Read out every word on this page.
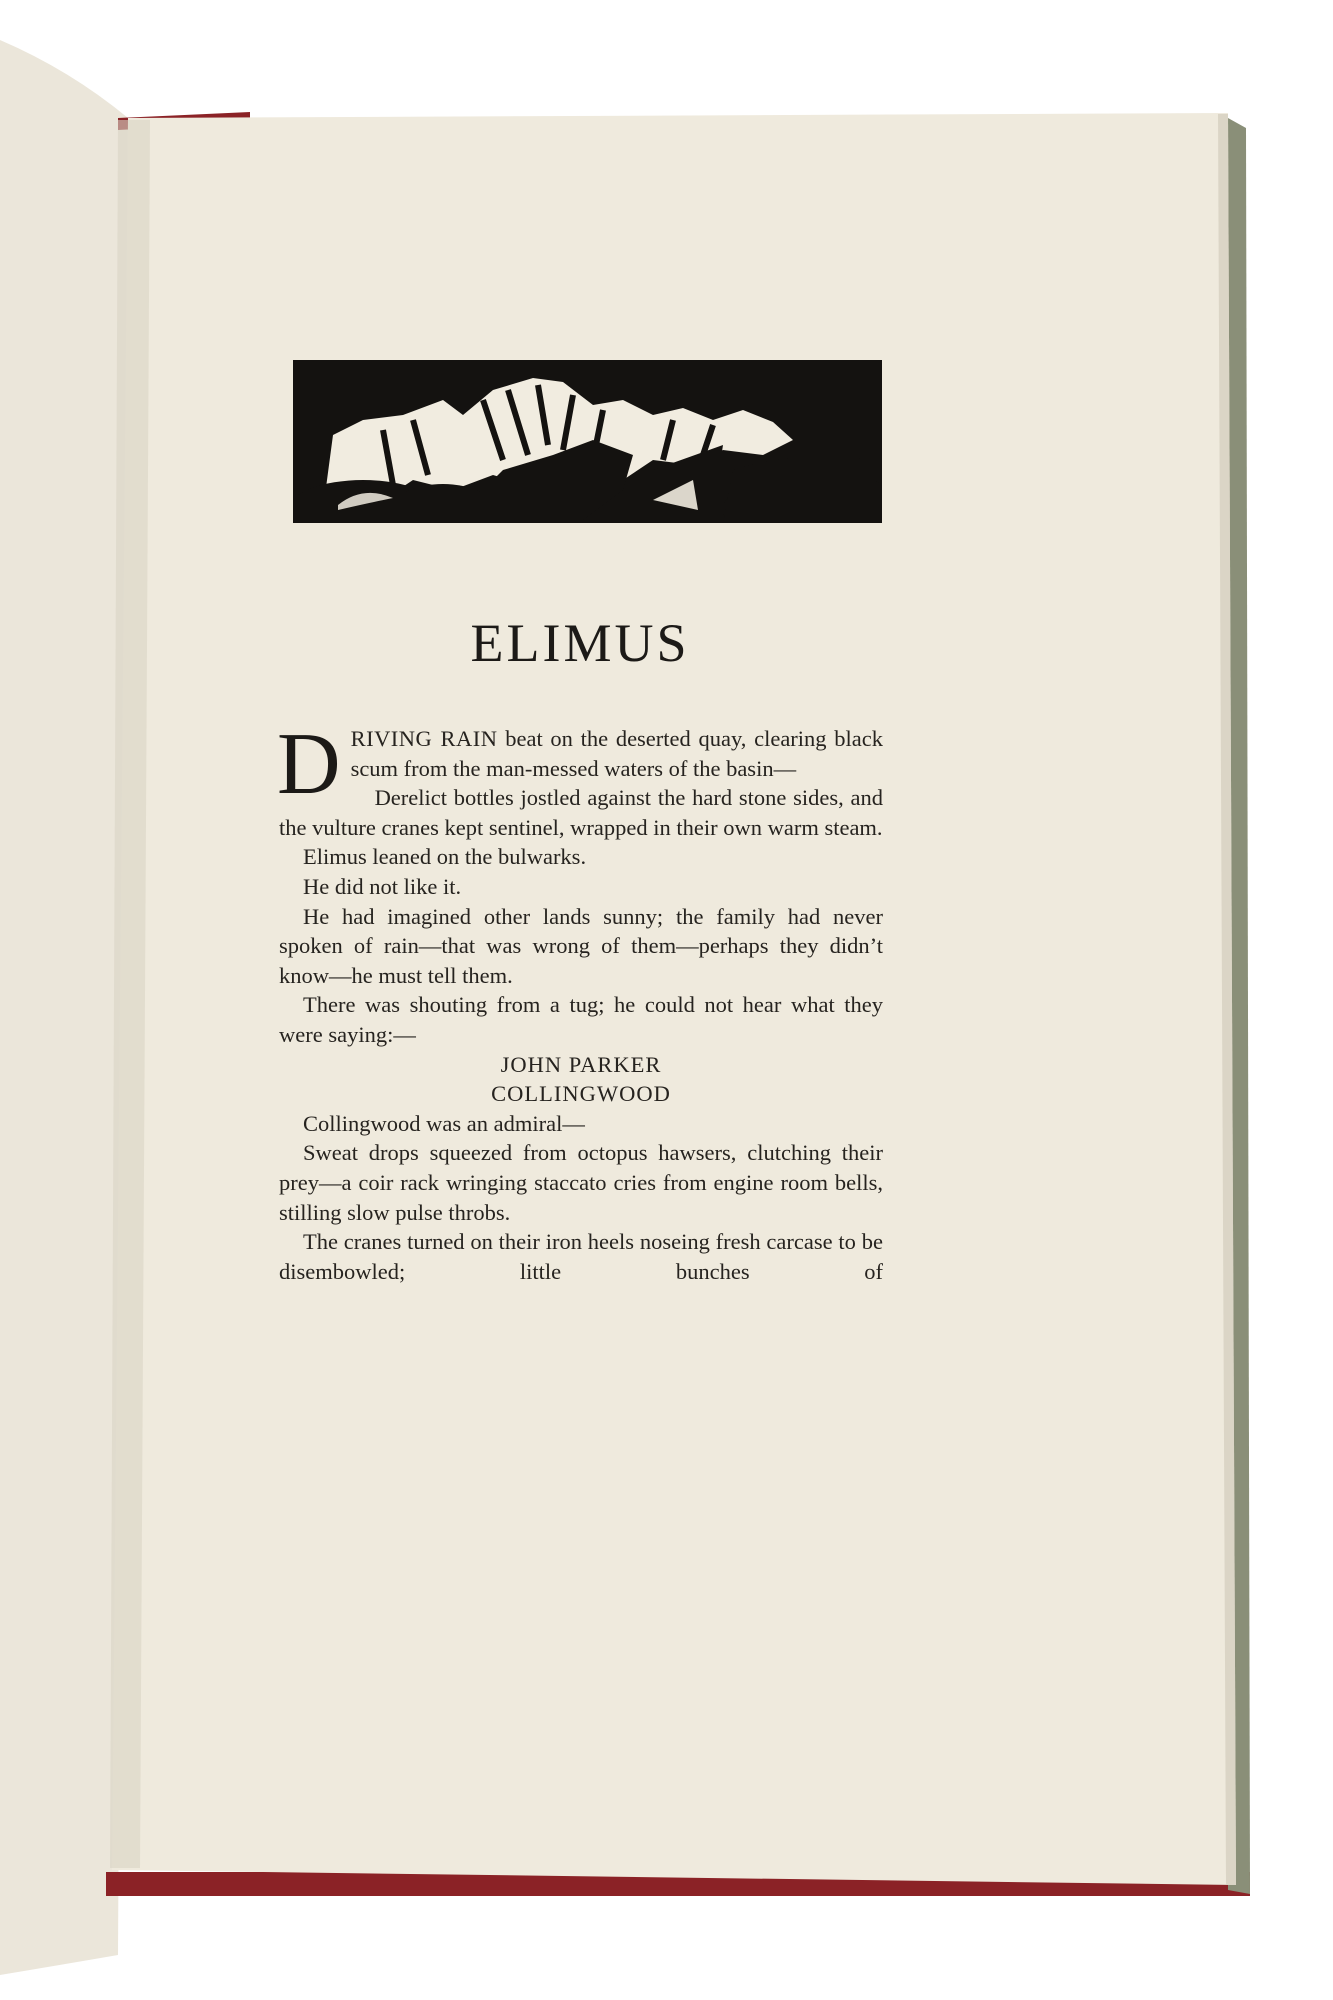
ELIMUS

DRIVING RAIN beat on the deserted quay, clearing black scum from the man-messed waters of the basin—

Derelict bottles jostled against the hard stone sides, and the vulture cranes kept sentinel, wrapped in their own warm steam.

Elimus leaned on the bulwarks.

He did not like it.

He had imagined other lands sunny; the family had never spoken of rain—that was wrong of them—perhaps they didn’t know—he must tell them.

There was shouting from a tug; he could not hear what they were saying:—

JOHN PARKER

COLLINGWOOD

Collingwood was an admiral—

Sweat drops squeezed from octopus hawsers, clutching their prey—a coir rack wringing staccato cries from engine room bells, stilling slow pulse throbs.

The cranes turned on their iron heels noseing fresh carcase to be disembowled; little bunches of
